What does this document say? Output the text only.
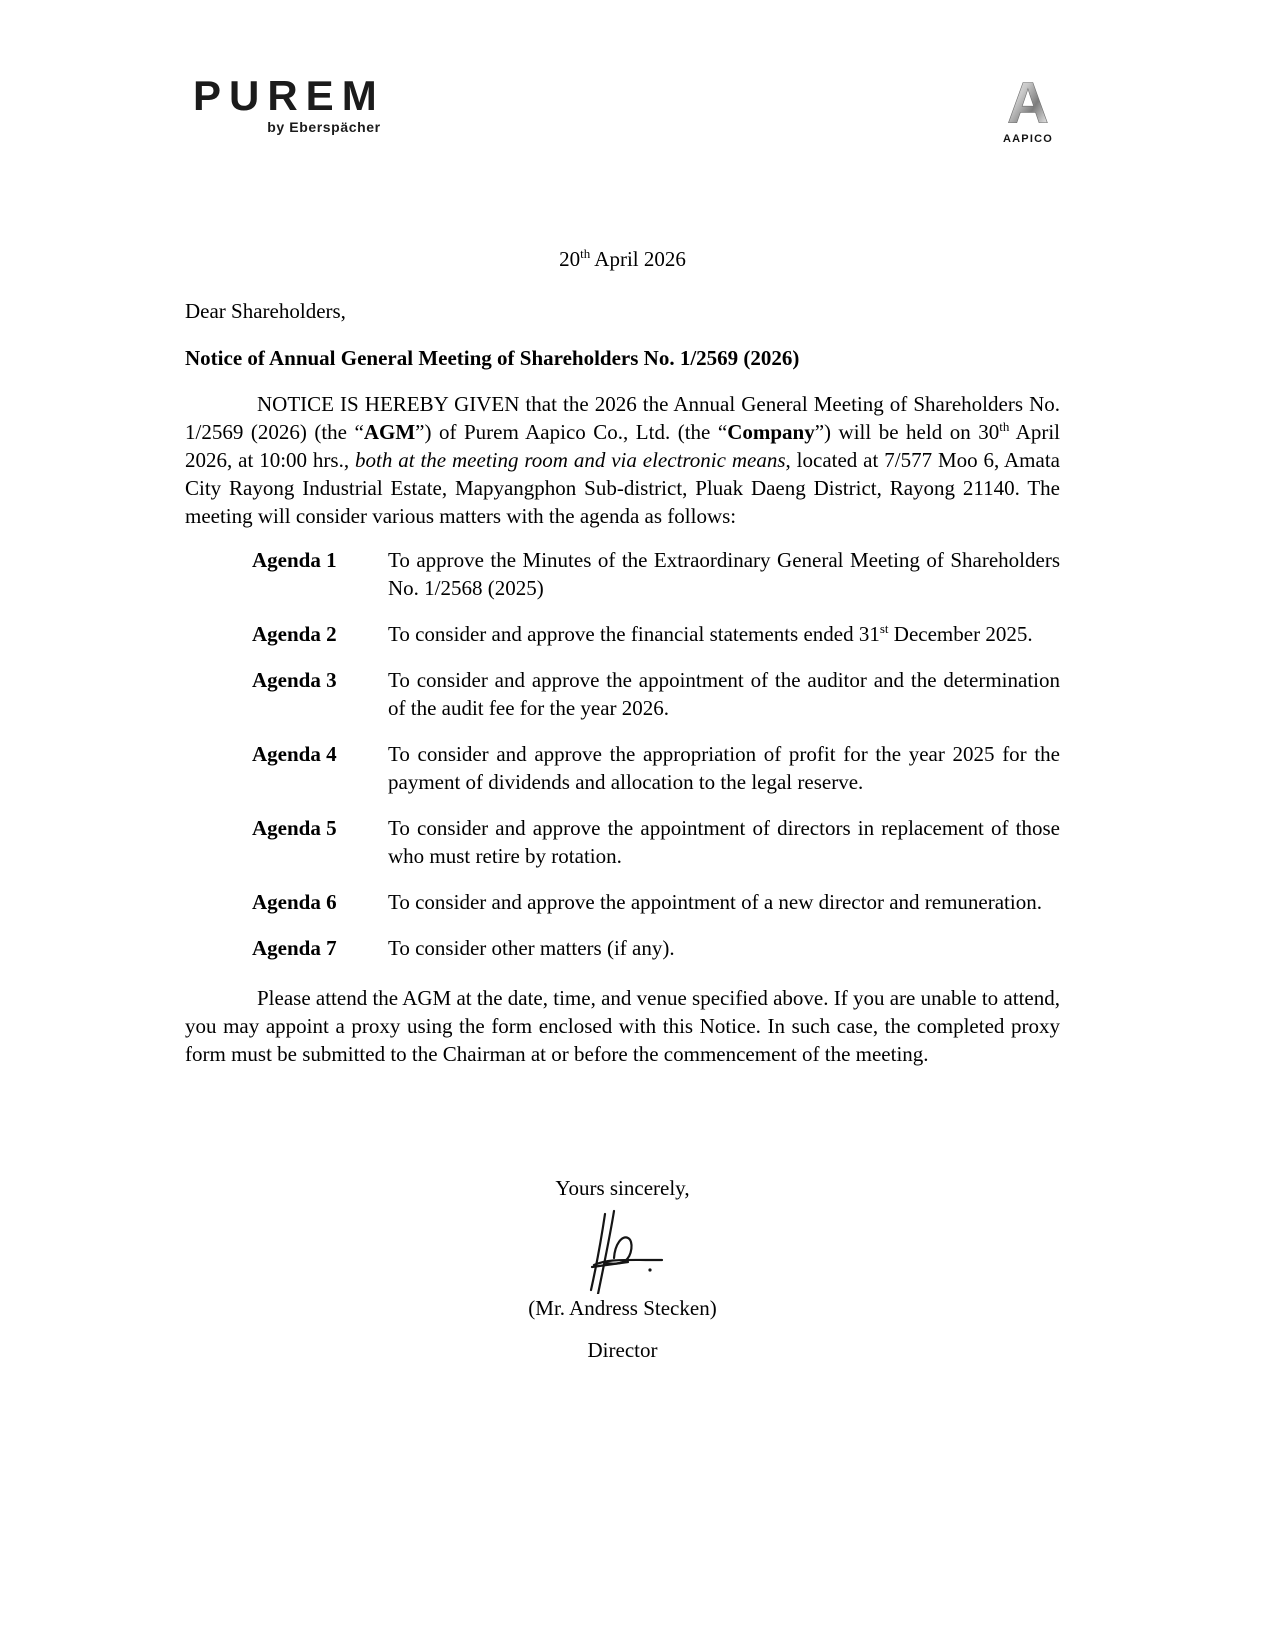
PUREM
by Eberspächer	A
AAPICO
20th April 2026
Dear Shareholders,
Notice of Annual General Meeting of Shareholders No. 1/2569 (2026)
NOTICE IS HEREBY GIVEN that the 2026 the Annual General Meeting of Shareholders No. 1/2569 (2026) (the “AGM”) of Purem Aapico Co., Ltd. (the “Company”) will be held on 30th April 2026, at 10:00 hrs., both at the meeting room and via electronic means, located at 7/577 Moo 6, Amata City Rayong Industrial Estate, Mapyangphon Sub-district, Pluak Daeng District, Rayong 21140. The meeting will consider various matters with the agenda as follows:
Agenda 1	To approve the Minutes of the Extraordinary General Meeting of Shareholders No. 1/2568 (2025)
Agenda 2	To consider and approve the financial statements ended 31st December 2025.
Agenda 3	To consider and approve the appointment of the auditor and the determination of the audit fee for the year 2026.
Agenda 4	To consider and approve the appropriation of profit for the year 2025 for the payment of dividends and allocation to the legal reserve.
Agenda 5	To consider and approve the appointment of directors in replacement of those who must retire by rotation.
Agenda 6	To consider and approve the appointment of a new director and remuneration.
Agenda 7	To consider other matters (if any).
Please attend the AGM at the date, time, and venue specified above. If you are unable to attend, you may appoint a proxy using the form enclosed with this Notice. In such case, the completed proxy form must be submitted to the Chairman at or before the commencement of the meeting.
Yours sincerely,
(Mr. Andress Stecken)
Director
